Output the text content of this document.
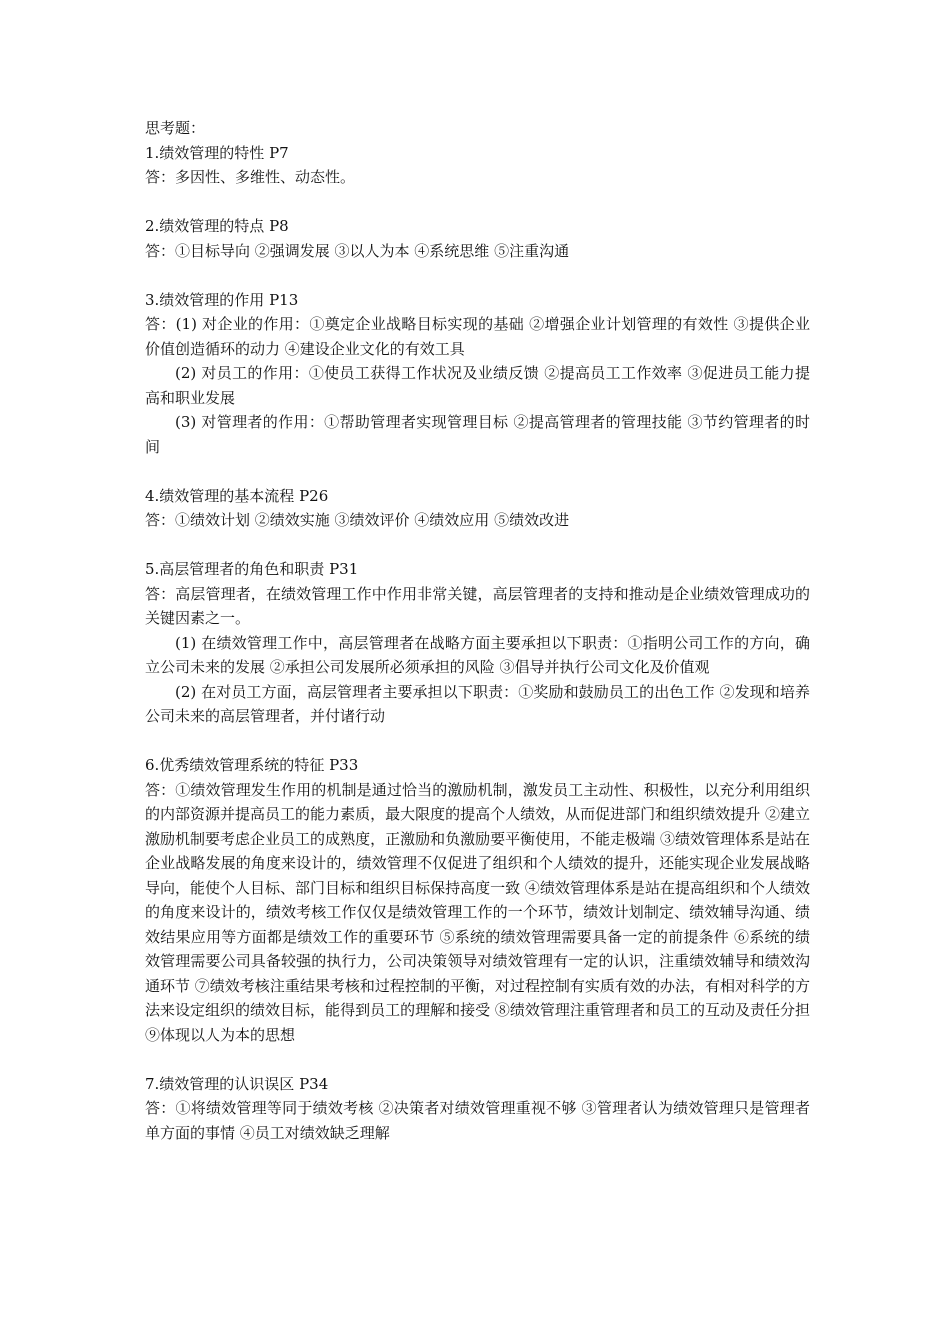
思考题：

1.绩效管理的特性 P7

答：多因性、多维性、动态性。

2.绩效管理的特点 P8

答：①目标导向 ②强调发展 ③以人为本 ④系统思维 ⑤注重沟通

3.绩效管理的作用 P13

答：(1) 对企业的作用：①奠定企业战略目标实现的基础 ②增强企业计划管理的有效性 ③提供企业价值创造循环的动力 ④建设企业文化的有效工具

(2) 对员工的作用：①使员工获得工作状况及业绩反馈 ②提高员工工作效率 ③促进员工能力提高和职业发展

(3) 对管理者的作用：①帮助管理者实现管理目标 ②提高管理者的管理技能 ③节约管理者的时间

4.绩效管理的基本流程 P26

答：①绩效计划 ②绩效实施 ③绩效评价 ④绩效应用 ⑤绩效改进

5.高层管理者的角色和职责 P31

答：高层管理者，在绩效管理工作中作用非常关键，高层管理者的支持和推动是企业绩效管理成功的关键因素之一。

(1) 在绩效管理工作中，高层管理者在战略方面主要承担以下职责：①指明公司工作的方向，确立公司未来的发展 ②承担公司发展所必须承担的风险 ③倡导并执行公司文化及价值观

(2) 在对员工方面，高层管理者主要承担以下职责：①奖励和鼓励员工的出色工作 ②发现和培养公司未来的高层管理者，并付诸行动

6.优秀绩效管理系统的特征 P33

答：①绩效管理发生作用的机制是通过恰当的激励机制，激发员工主动性、积极性，以充分利用组织的内部资源并提高员工的能力素质，最大限度的提高个人绩效，从而促进部门和组织绩效提升 ②建立激励机制要考虑企业员工的成熟度，正激励和负激励要平衡使用，不能走极端 ③绩效管理体系是站在企业战略发展的角度来设计的，绩效管理不仅促进了组织和个人绩效的提升，还能实现企业发展战略导向，能使个人目标、部门目标和组织目标保持高度一致 ④绩效管理体系是站在提高组织和个人绩效的角度来设计的，绩效考核工作仅仅是绩效管理工作的一个环节，绩效计划制定、绩效辅导沟通、绩效结果应用等方面都是绩效工作的重要环节 ⑤系统的绩效管理需要具备一定的前提条件 ⑥系统的绩效管理需要公司具备较强的执行力，公司决策领导对绩效管理有一定的认识，注重绩效辅导和绩效沟通环节 ⑦绩效考核注重结果考核和过程控制的平衡，对过程控制有实质有效的办法，有相对科学的方法来设定组织的绩效目标，能得到员工的理解和接受 ⑧绩效管理注重管理者和员工的互动及责任分担 ⑨体现以人为本的思想

7.绩效管理的认识误区 P34

答：①将绩效管理等同于绩效考核 ②决策者对绩效管理重视不够 ③管理者认为绩效管理只是管理者单方面的事情 ④员工对绩效缺乏理解
